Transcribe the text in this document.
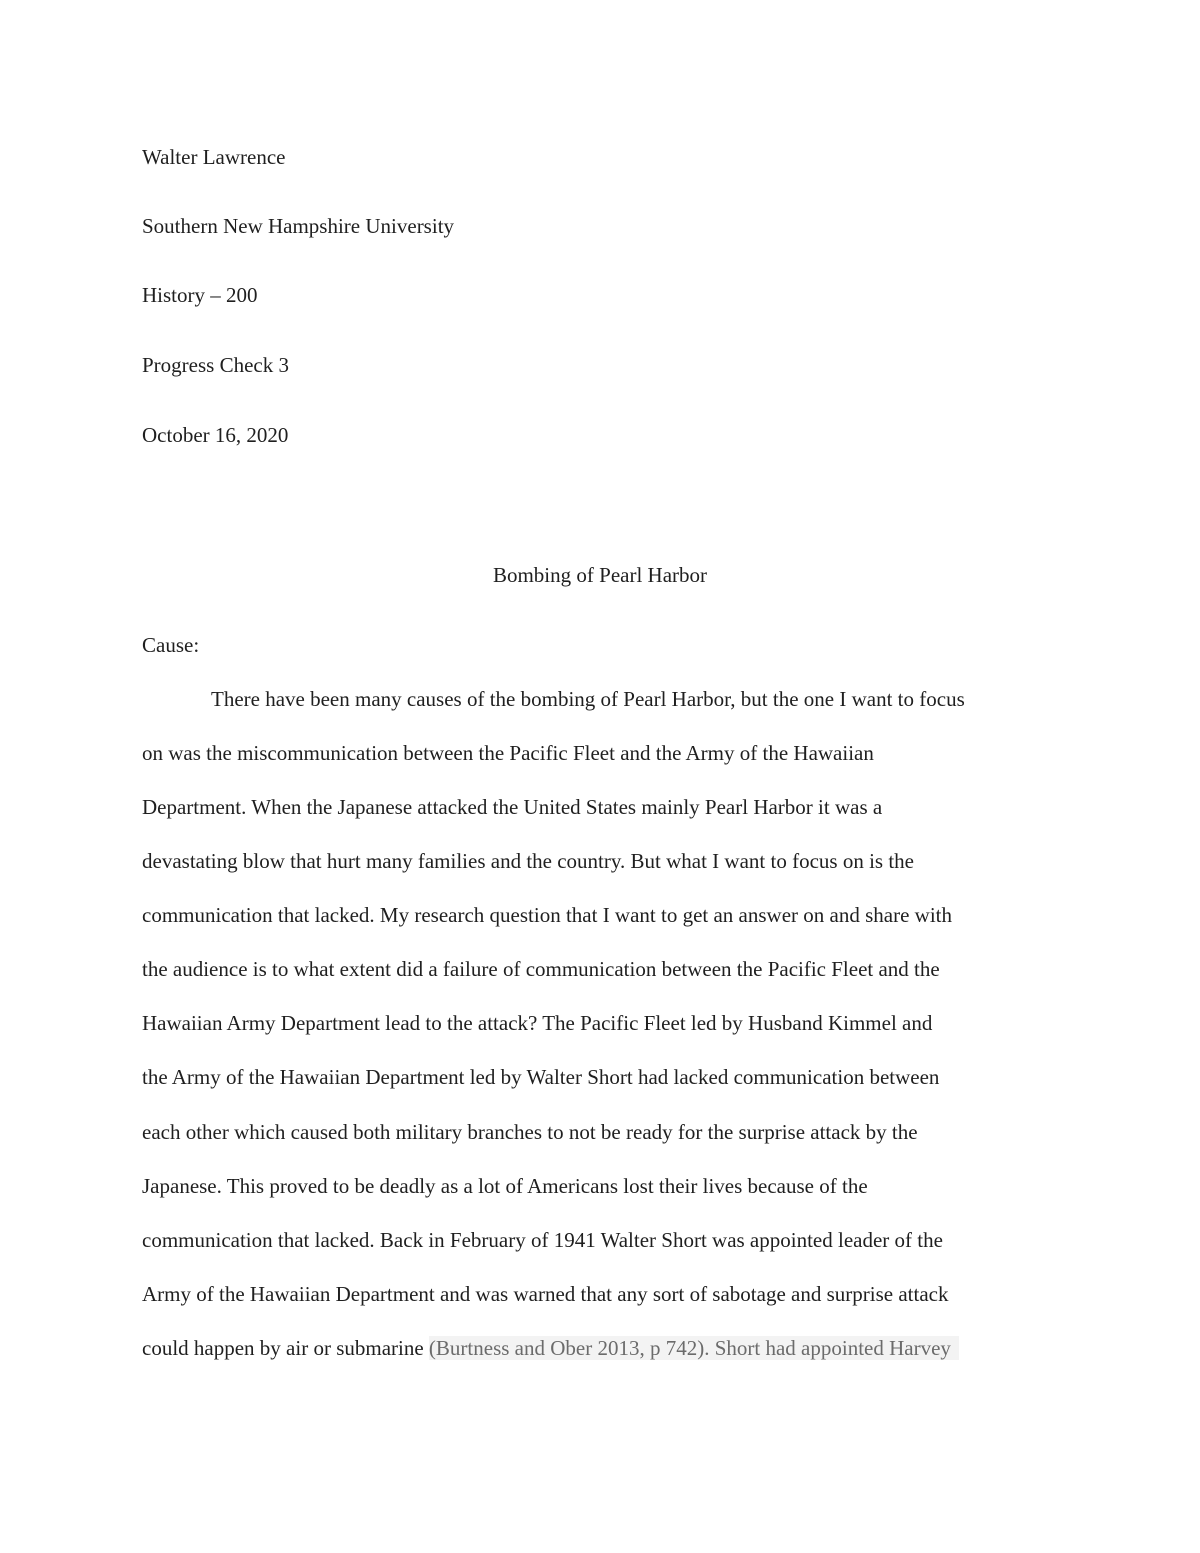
Walter Lawrence
Southern New Hampshire University
History – 200
Progress Check 3
October 16, 2020
Bombing of Pearl Harbor
Cause:
There have been many causes of the bombing of Pearl Harbor, but the one I want to focus
on was the miscommunication between the Pacific Fleet and the Army of the Hawaiian
Department. When the Japanese attacked the United States mainly Pearl Harbor it was a
devastating blow that hurt many families and the country. But what I want to focus on is the
communication that lacked. My research question that I want to get an answer on and share with
the audience is to what extent did a failure of communication between the Pacific Fleet and the
Hawaiian Army Department lead to the attack? The Pacific Fleet led by Husband Kimmel and
the Army of the Hawaiian Department led by Walter Short had lacked communication between
each other which caused both military branches to not be ready for the surprise attack by the
Japanese. This proved to be deadly as a lot of Americans lost their lives because of the
communication that lacked. Back in February of 1941 Walter Short was appointed leader of the
Army of the Hawaiian Department and was warned that any sort of sabotage and surprise attack
could happen by air or submarine (Burtness and Ober 2013, p 742). Short had appointed Harvey
